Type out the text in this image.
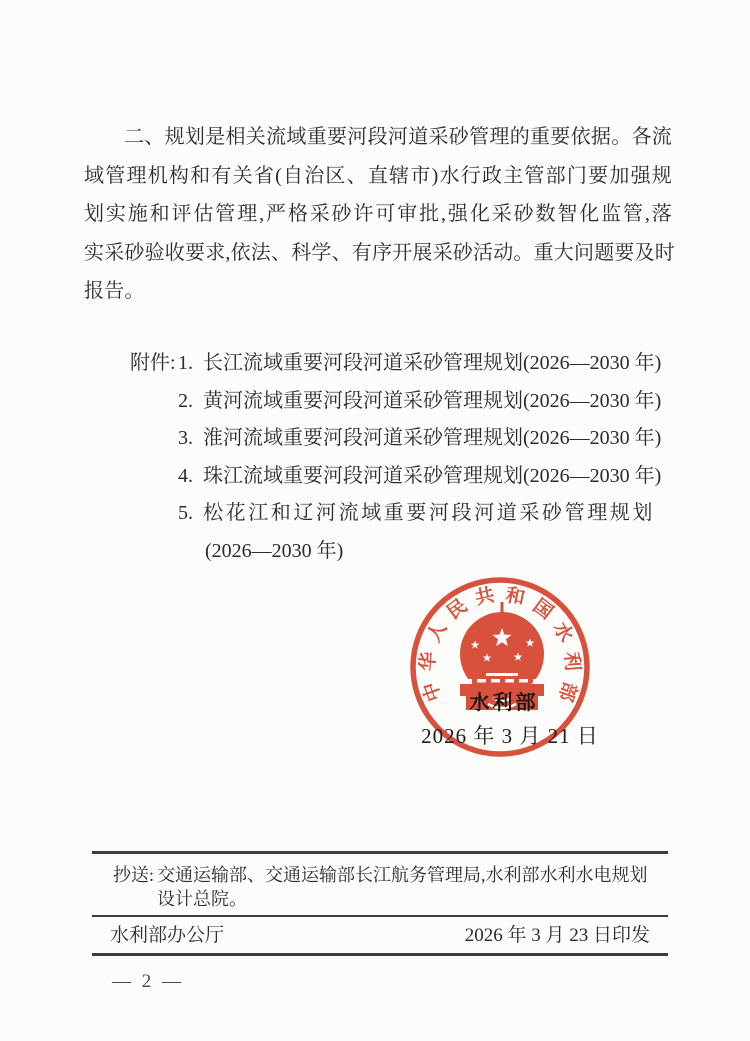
二、规划是相关流域重要河段河道采砂管理的重要依据。各流
域管理机构和有关省(自治区、直辖市)水行政主管部门要加强规
划实施和评估管理,严格采砂许可审批,强化采砂数智化监管,落
实采砂验收要求,依法、科学、有序开展采砂活动。重大问题要及时
报告。
附件: 1. 长江流域重要河段河道采砂管理规划(2026—2030 年)
2. 黄河流域重要河段河道采砂管理规划(2026—2030 年)
3. 淮河流域重要河段河道采砂管理规划(2026—2030 年)
4. 珠江流域重要河段河道采砂管理规划(2026—2030 年)
5. 松花江和辽河流域重要河段河道采砂管理规划
(2026—2030 年)
中
华
人
民 共 和 国
水
利
部
水利部
2026 年 3 月 21 日
抄送: 交通运输部、交通运输部长江航务管理局,水利部水利水电规划
设计总院。
水利部办公厅	2026 年 3 月 23 日印发
— 2 —
